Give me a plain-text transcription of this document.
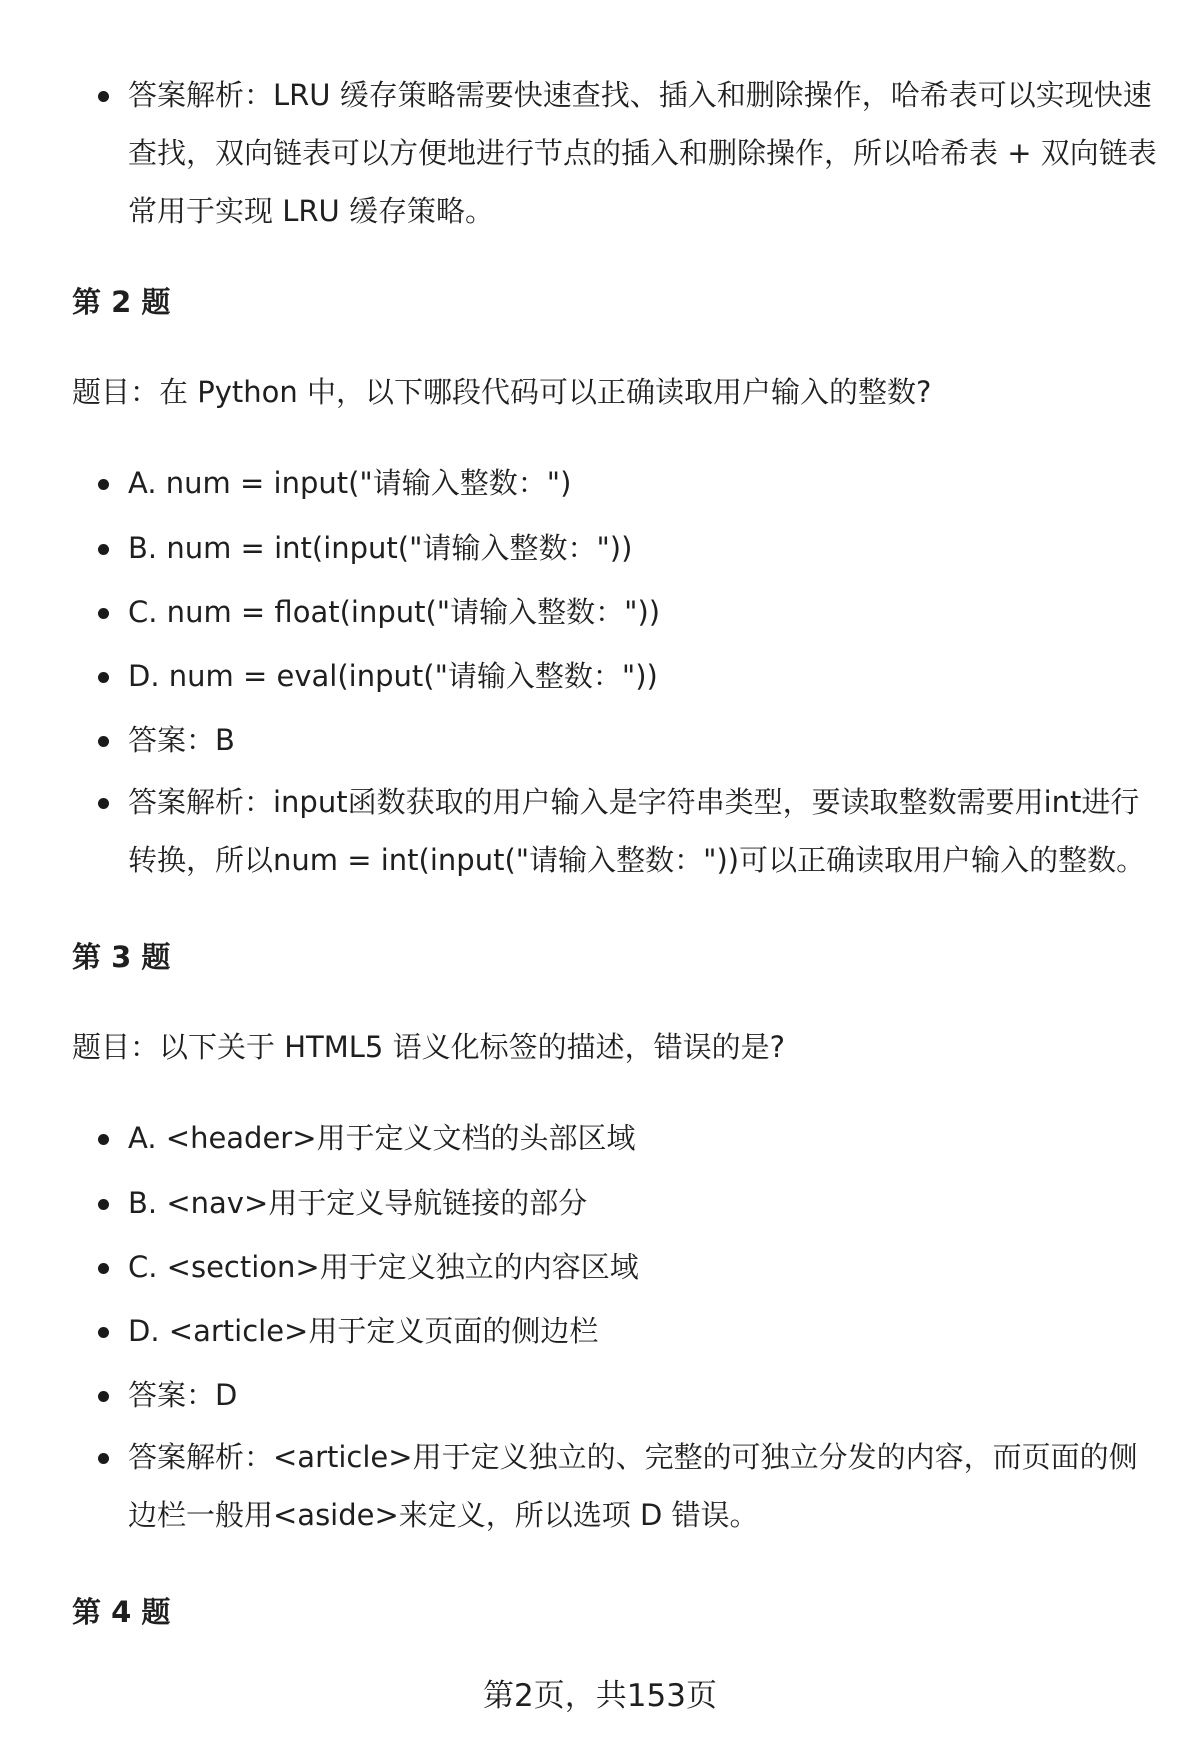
答案解析：LRU 缓存策略需要快速查找、插入和删除操作，哈希表可以实现快速查找，双向链表可以方便地进行节点的插入和删除操作，所以哈希表 + 双向链表常用于实现 LRU 缓存策略。
第 2 题
题目：在 Python 中，以下哪段代码可以正确读取用户输入的整数?
A. num = input("请输入整数：")
B. num = int(input("请输入整数："))
C. num = float(input("请输入整数："))
D. num = eval(input("请输入整数："))
答案：B
答案解析：input函数获取的用户输入是字符串类型，要读取整数需要用int进行转换，所以num = int(input("请输入整数："))可以正确读取用户输入的整数。
第 3 题
题目：以下关于 HTML5 语义化标签的描述，错误的是?
A. <header>用于定义文档的头部区域
B. <nav>用于定义导航链接的部分
C. <section>用于定义独立的内容区域
D. <article>用于定义页面的侧边栏
答案：D
答案解析：<article>用于定义独立的、完整的可独立分发的内容，而页面的侧边栏一般用<aside>来定义，所以选项 D 错误。
第 4 题
第2页，共153页
